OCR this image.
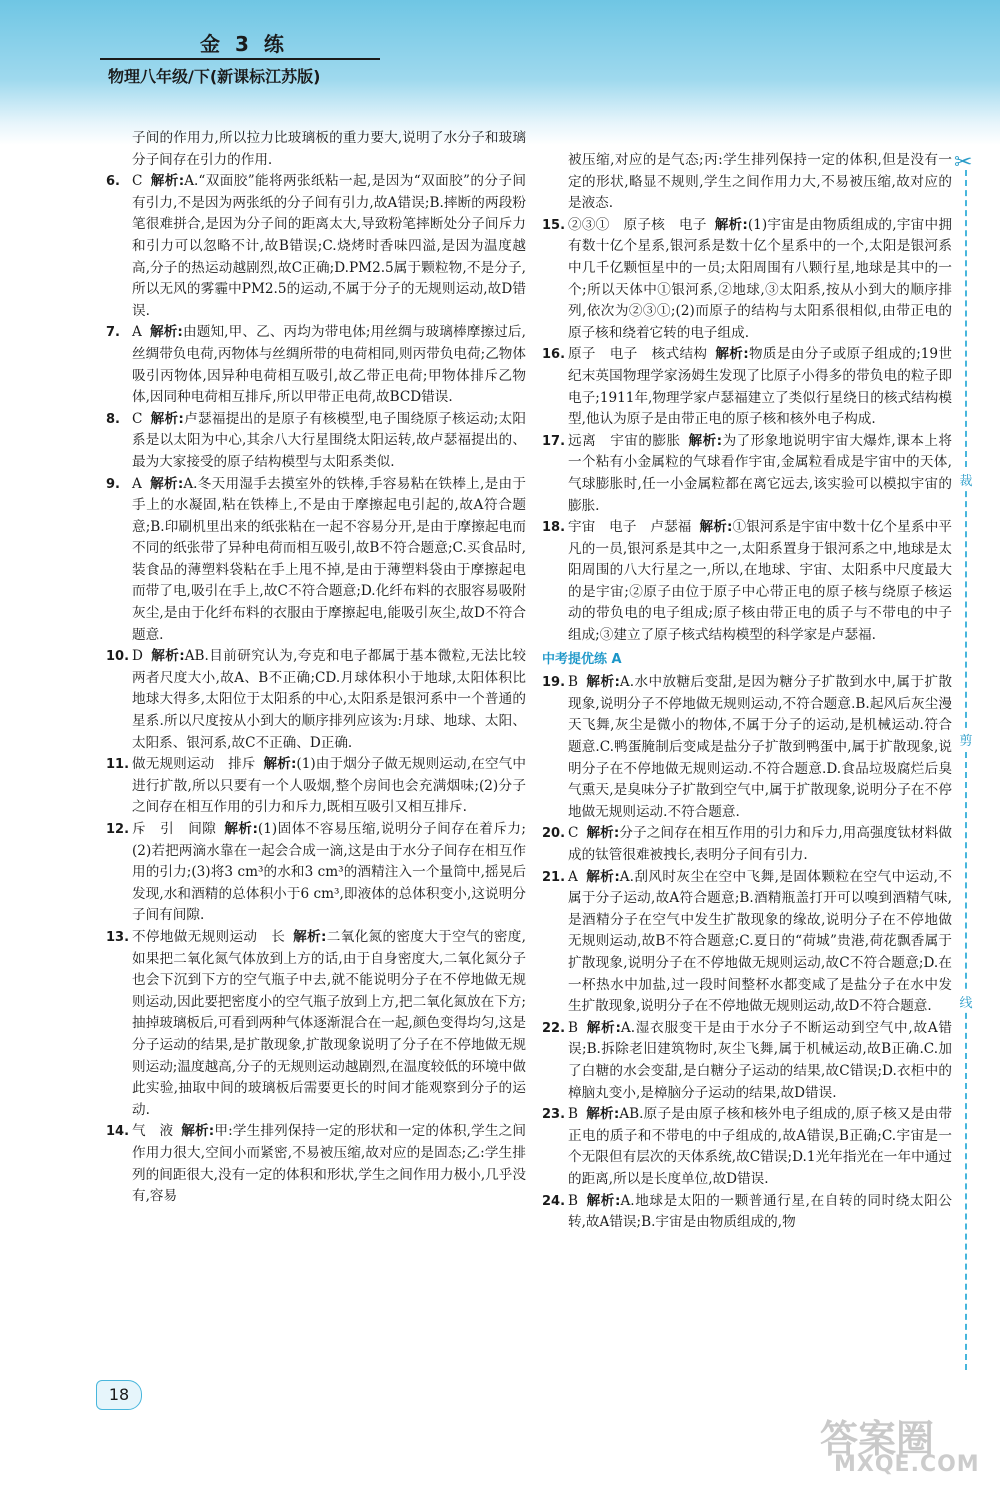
金 3 练
物理八年级/下(新课标江苏版)

子间的作用力,所以拉力比玻璃板的重力要大,说明了水分子和玻璃分子间存在引力的作用.

6. C 解析:A.“双面胶”能将两张纸粘一起,是因为“双面胶”的分子间有引力,不是因为两张纸的分子间有引力,故A错误;B.摔断的两段粉笔很难拼合,是因为分子间的距离太大,导致粉笔摔断处分子间斥力和引力可以忽略不计,故B错误;C.烧烤时香味四溢,是因为温度越高,分子的热运动越剧烈,故C正确;D.PM2.5属于颗粒物,不是分子,所以无风的雾霾中PM2.5的运动,不属于分子的无规则运动,故D错误.

7. A 解析:由题知,甲、乙、丙均为带电体;用丝绸与玻璃棒摩擦过后,丝绸带负电荷,丙物体与丝绸所带的电荷相同,则丙带负电荷;乙物体吸引丙物体,因异种电荷相互吸引,故乙带正电荷;甲物体排斥乙物体,因同种电荷相互排斥,所以甲带正电荷,故BCD错误.

8. C 解析:卢瑟福提出的是原子有核模型,电子围绕原子核运动;太阳系是以太阳为中心,其余八大行星围绕太阳运转,故卢瑟福提出的、最为大家接受的原子结构模型与太阳系类似.

9. A 解析:A.冬天用湿手去摸室外的铁棒,手容易粘在铁棒上,是由于手上的水凝固,粘在铁棒上,不是由于摩擦起电引起的,故A符合题意;B.印刷机里出来的纸张粘在一起不容易分开,是由于摩擦起电而不同的纸张带了异种电荷而相互吸引,故B不符合题意;C.买食品时,装食品的薄塑料袋粘在手上甩不掉,是由于薄塑料袋由于摩擦起电而带了电,吸引在手上,故C不符合题意;D.化纤布料的衣服容易吸附灰尘,是由于化纤布料的衣服由于摩擦起电,能吸引灰尘,故D不符合题意.

10. D 解析:AB.目前研究认为,夸克和电子都属于基本微粒,无法比较两者尺度大小,故A、B不正确;CD.月球体积小于地球,太阳体积比地球大得多,太阳位于太阳系的中心,太阳系是银河系中一个普通的星系.所以尺度按从小到大的顺序排列应该为:月球、地球、太阳、太阳系、银河系,故C不正确、D正确.

11. 做无规则运动　排斥 解析:(1)由于烟分子做无规则运动,在空气中进行扩散,所以只要有一个人吸烟,整个房间也会充满烟味;(2)分子之间存在相互作用的引力和斥力,既相互吸引又相互排斥.

12. 斥　引　间隙 解析:(1)固体不容易压缩,说明分子间存在着斥力;(2)若把两滴水靠在一起会合成一滴,这是由于水分子间存在相互作用的引力;(3)将3 cm³的水和3 cm³的酒精注入一个量筒中,摇晃后发现,水和酒精的总体积小于6 cm³,即液体的总体积变小,这说明分子间有间隙.

13. 不停地做无规则运动　长 解析:二氧化氮的密度大于空气的密度,如果把二氧化氮气体放到上方的话,由于自身密度大,二氧化氮分子也会下沉到下方的空气瓶子中去,就不能说明分子在不停地做无规则运动,因此要把密度小的空气瓶子放到上方,把二氧化氮放在下方;抽掉玻璃板后,可看到两种气体逐渐混合在一起,颜色变得均匀,这是分子运动的结果,是扩散现象,扩散现象说明了分子在不停地做无规则运动;温度越高,分子的无规则运动越剧烈,在温度较低的环境中做此实验,抽取中间的玻璃板后需要更长的时间才能观察到分子的运动.

14. 气　液 解析:甲:学生排列保持一定的形状和一定的体积,学生之间作用力很大,空间小而紧密,不易被压缩,故对应的是固态;乙:学生排列的间距很大,没有一定的体积和形状,学生之间作用力极小,几乎没有,容易

被压缩,对应的是气态;丙:学生排列保持一定的体积,但是没有一定的形状,略显不规则,学生之间作用力大,不易被压缩,故对应的是液态.

15. ②③①　原子核　电子 解析:(1)宇宙是由物质组成的,宇宙中拥有数十亿个星系,银河系是数十亿个星系中的一个,太阳是银河系中几千亿颗恒星中的一员;太阳周围有八颗行星,地球是其中的一个;所以天体中①银河系,②地球,③太阳系,按从小到大的顺序排列,依次为②③①;(2)而原子的结构与太阳系很相似,由带正电的原子核和绕着它转的电子组成.

16. 原子　电子　核式结构 解析:物质是由分子或原子组成的;19世纪末英国物理学家汤姆生发现了比原子小得多的带负电的粒子即电子;1911年,物理学家卢瑟福建立了类似行星绕日的核式结构模型,他认为原子是由带正电的原子核和核外电子构成.

17. 远离　宇宙的膨胀 解析:为了形象地说明宇宙大爆炸,课本上将一个粘有小金属粒的气球看作宇宙,金属粒看成是宇宙中的天体,气球膨胀时,任一小金属粒都在离它远去,该实验可以模拟宇宙的膨胀.

18. 宇宙　电子　卢瑟福 解析:①银河系是宇宙中数十亿个星系中平凡的一员,银河系是其中之一,太阳系置身于银河系之中,地球是太阳周围的八大行星之一,所以,在地球、宇宙、太阳系中尺度最大的是宇宙;②原子由位于原子中心带正电的原子核与绕原子核运动的带负电的电子组成;原子核由带正电的质子与不带电的中子组成;③建立了原子核式结构模型的科学家是卢瑟福.

中考提优练 A

19. B 解析:A.水中放糖后变甜,是因为糖分子扩散到水中,属于扩散现象,说明分子不停地做无规则运动,不符合题意.B.起风后灰尘漫天飞舞,灰尘是微小的物体,不属于分子的运动,是机械运动.符合题意.C.鸭蛋腌制后变咸是盐分子扩散到鸭蛋中,属于扩散现象,说明分子在不停地做无规则运动.不符合题意.D.食品垃圾腐烂后臭气熏天,是臭味分子扩散到空气中,属于扩散现象,说明分子在不停地做无规则运动.不符合题意.

20. C 解析:分子之间存在相互作用的引力和斥力,用高强度钛材料做成的钛管很难被拽长,表明分子间有引力.

21. A 解析:A.刮风时灰尘在空中飞舞,是固体颗粒在空气中运动,不属于分子运动,故A符合题意;B.酒精瓶盖打开可以嗅到酒精气味,是酒精分子在空气中发生扩散现象的缘故,说明分子在不停地做无规则运动,故B不符合题意;C.夏日的“荷城”贵港,荷花飘香属于扩散现象,说明分子在不停地做无规则运动,故C不符合题意;D.在一杯热水中加盐,过一段时间整杯水都变咸了是盐分子在水中发生扩散现象,说明分子在不停地做无规则运动,故D不符合题意.

22. B 解析:A.湿衣服变干是由于水分子不断运动到空气中,故A错误;B.拆除老旧建筑物时,灰尘飞舞,属于机械运动,故B正确.C.加了白糖的水会变甜,是白糖分子运动的结果,故C错误;D.衣柜中的樟脑丸变小,是樟脑分子运动的结果,故D错误.

23. B 解析:AB.原子是由原子核和核外电子组成的,原子核又是由带正电的质子和不带电的中子组成的,故A错误,B正确;C.宇宙是一个无限但有层次的天体系统,故C错误;D.1光年指光在一年中通过的距离,所以是长度单位,故D错误.

24. B 解析:A.地球是太阳的一颗普通行星,在自转的同时绕太阳公转,故A错误;B.宇宙是由物质组成的,物

✂
裁
剪
线
18
答案圈
MXQE.COM
